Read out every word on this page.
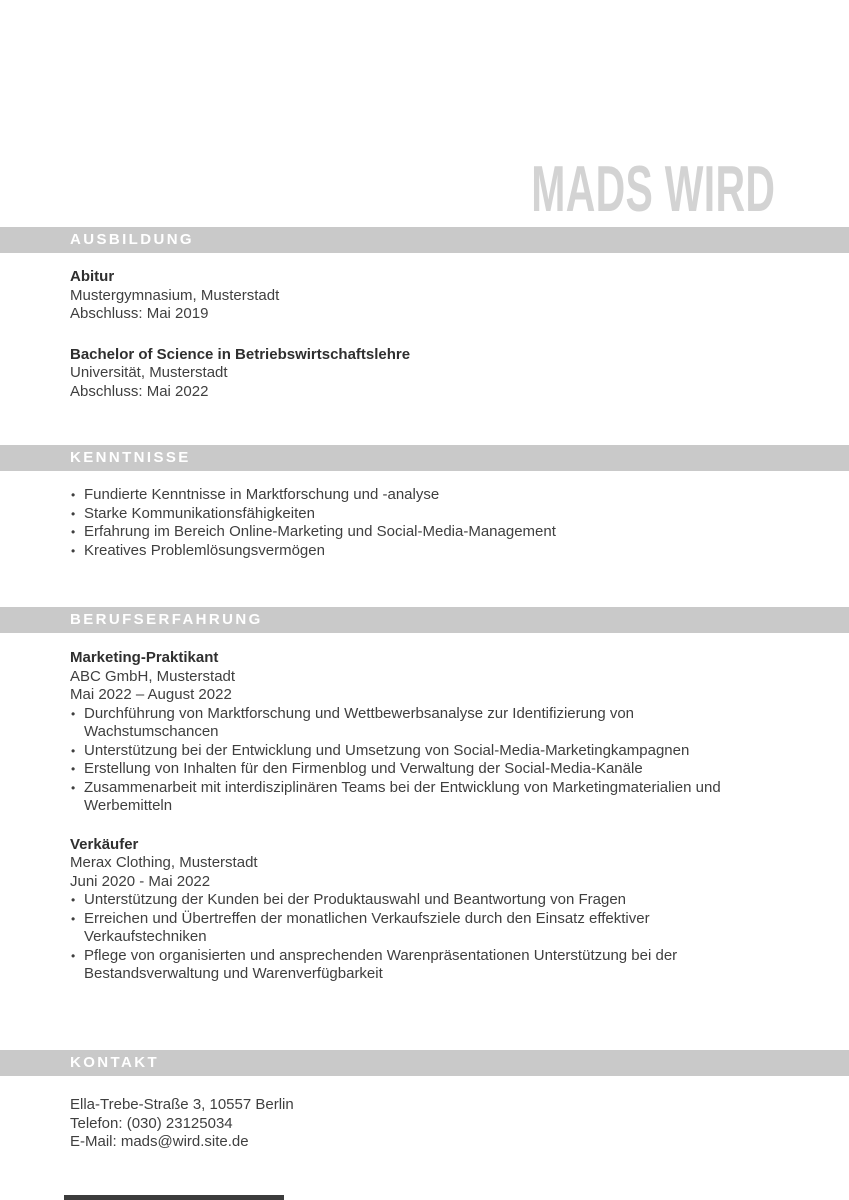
MADS WIRD
AUSBILDUNG
Abitur
Mustergymnasium, Musterstadt
Abschluss: Mai 2019
Bachelor of Science in Betriebswirtschaftslehre
Universität, Musterstadt
Abschluss: Mai 2022
KENNTNISSE
• Fundierte Kenntnisse in Marktforschung und -analyse
• Starke Kommunikationsfähigkeiten
• Erfahrung im Bereich Online-Marketing und Social-Media-Management
• Kreatives Problemlösungsvermögen
BERUFSERFAHRUNG
Marketing-Praktikant
ABC GmbH, Musterstadt
Mai 2022 – August 2022
• Durchführung von Marktforschung und Wettbewerbsanalyse zur Identifizierung von Wachstumschancen
• Unterstützung bei der Entwicklung und Umsetzung von Social-Media-Marketingkampagnen
• Erstellung von Inhalten für den Firmenblog und Verwaltung der Social-Media-Kanäle
• Zusammenarbeit mit interdisziplinären Teams bei der Entwicklung von Marketingmaterialien und Werbemitteln
Verkäufer
Merax Clothing, Musterstadt
Juni 2020 - Mai 2022
• Unterstützung der Kunden bei der Produktauswahl und Beantwortung von Fragen
• Erreichen und Übertreffen der monatlichen Verkaufsziele durch den Einsatz effektiver Verkaufstechniken
• Pflege von organisierten und ansprechenden Warenpräsentationen Unterstützung bei der Bestandsverwaltung und Warenverfügbarkeit
KONTAKT
Ella-Trebe-Straße 3, 10557 Berlin
Telefon: (030) 23125034
E-Mail: mads@wird.site.de
